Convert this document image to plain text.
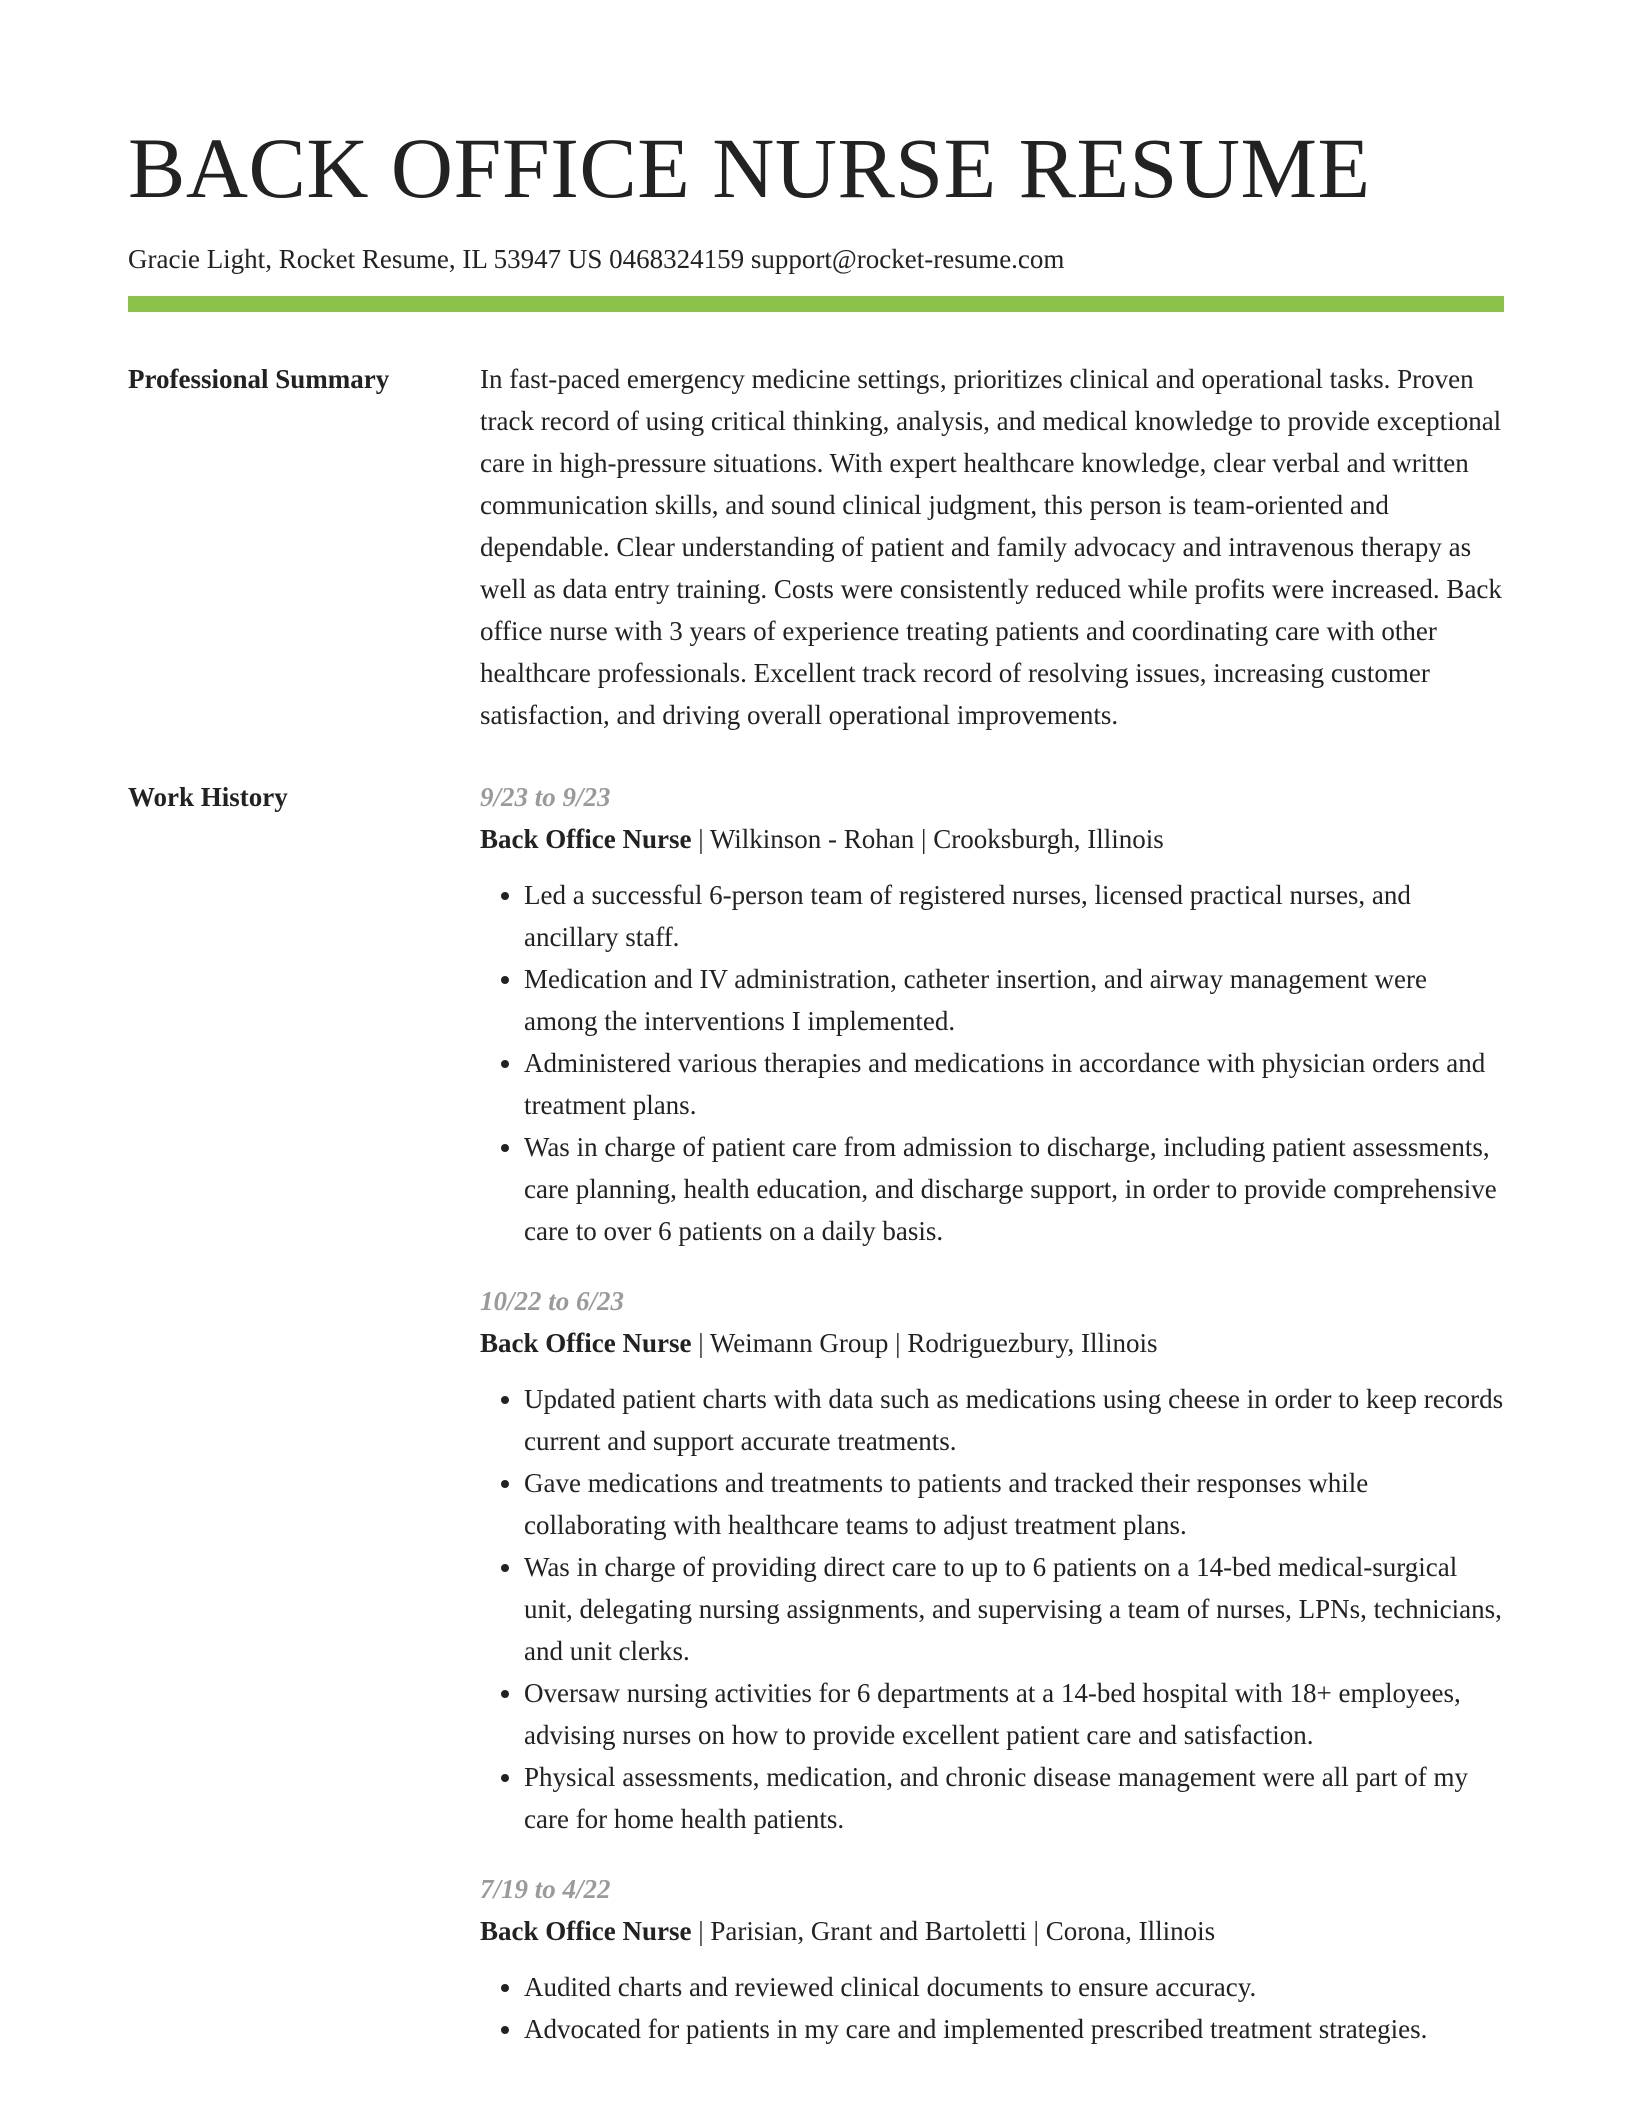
BACK OFFICE NURSE RESUME
Gracie Light, Rocket Resume, IL 53947 US 0468324159 support@rocket-resume.com
Professional Summary	In fast-paced emergency medicine settings, prioritizes clinical and operational tasks. Proven track record of using critical thinking, analysis, and medical knowledge to provide exceptional care in high-pressure situations. With expert healthcare knowledge, clear verbal and written communication skills, and sound clinical judgment, this person is team-oriented and dependable. Clear understanding of patient and family advocacy and intravenous therapy as well as data entry training. Costs were consistently reduced while profits were increased. Back office nurse with 3 years of experience treating patients and coordinating care with other healthcare professionals. Excellent track record of resolving issues, increasing customer satisfaction, and driving overall operational improvements.

Work History	9/23 to 9/23
Back Office Nurse | Wilkinson - Rohan | Crooksburgh, Illinois
• Led a successful 6-person team of registered nurses, licensed practical nurses, and ancillary staff.
• Medication and IV administration, catheter insertion, and airway management were among the interventions I implemented.
• Administered various therapies and medications in accordance with physician orders and treatment plans.
• Was in charge of patient care from admission to discharge, including patient assessments, care planning, health education, and discharge support, in order to provide comprehensive care to over 6 patients on a daily basis.
10/22 to 6/23
Back Office Nurse | Weimann Group | Rodriguezbury, Illinois
• Updated patient charts with data such as medications using cheese in order to keep records current and support accurate treatments.
• Gave medications and treatments to patients and tracked their responses while collaborating with healthcare teams to adjust treatment plans.
• Was in charge of providing direct care to up to 6 patients on a 14-bed medical-surgical unit, delegating nursing assignments, and supervising a team of nurses, LPNs, technicians, and unit clerks.
• Oversaw nursing activities for 6 departments at a 14-bed hospital with 18+ employees, advising nurses on how to provide excellent patient care and satisfaction.
• Physical assessments, medication, and chronic disease management were all part of my care for home health patients.
7/19 to 4/22
Back Office Nurse | Parisian, Grant and Bartoletti | Corona, Illinois
• Audited charts and reviewed clinical documents to ensure accuracy.
• Advocated for patients in my care and implemented prescribed treatment strategies.
